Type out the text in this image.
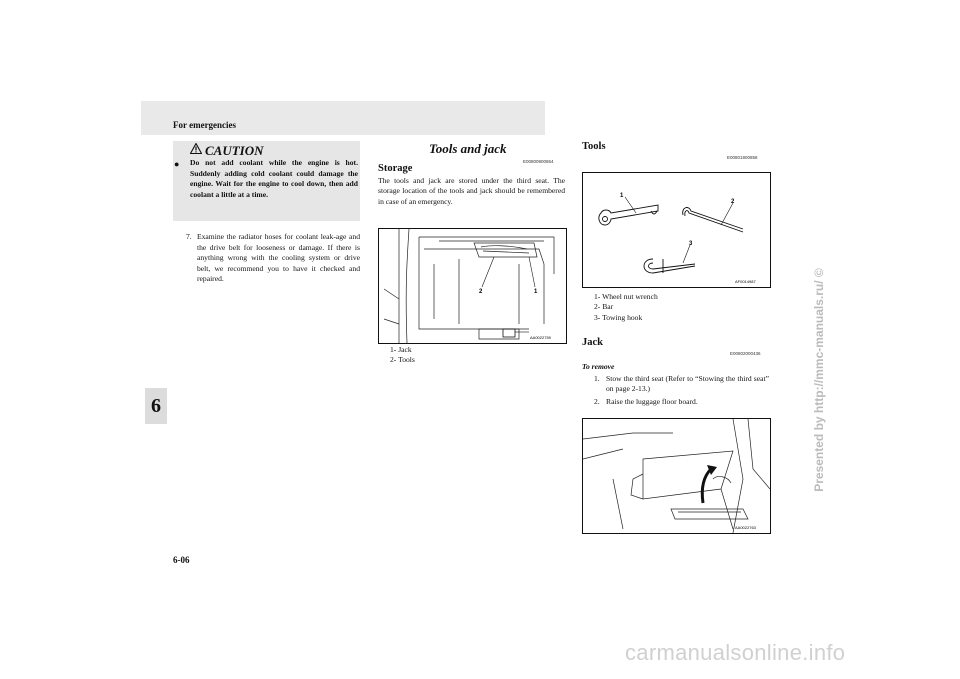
For emergencies
6
6-06
Presented by http://mmc-manuals.ru/ ©
carmanualsonline.info
CAUTION
● Do not add coolant while the engine is hot. Suddenly adding cold coolant could damage the engine. Wait for the engine to cool down, then add coolant a little at a time.
7. Examine the radiator hoses for coolant leak-age and the drive belt for looseness or damage. If there is anything wrong with the cooling system or drive belt, we recommend you to have it checked and repaired.
Tools and jack
E00800900864
Storage
The tools and jack are stored under the third seat. The storage location of the tools and jack should be remembered in case of an emergency.
2	1
AA0022759
1- Jack
2- Tools
Tools
E00801900858
1
2
3
AF0014987
1- Wheel nut wrench
2- Bar
3- Towing hook
Jack
E00802000436
To remove
1. Stow the third seat (Refer to “Stowing the third seat” on page 2-13.)
2. Raise the luggage floor board.
AA0022763
